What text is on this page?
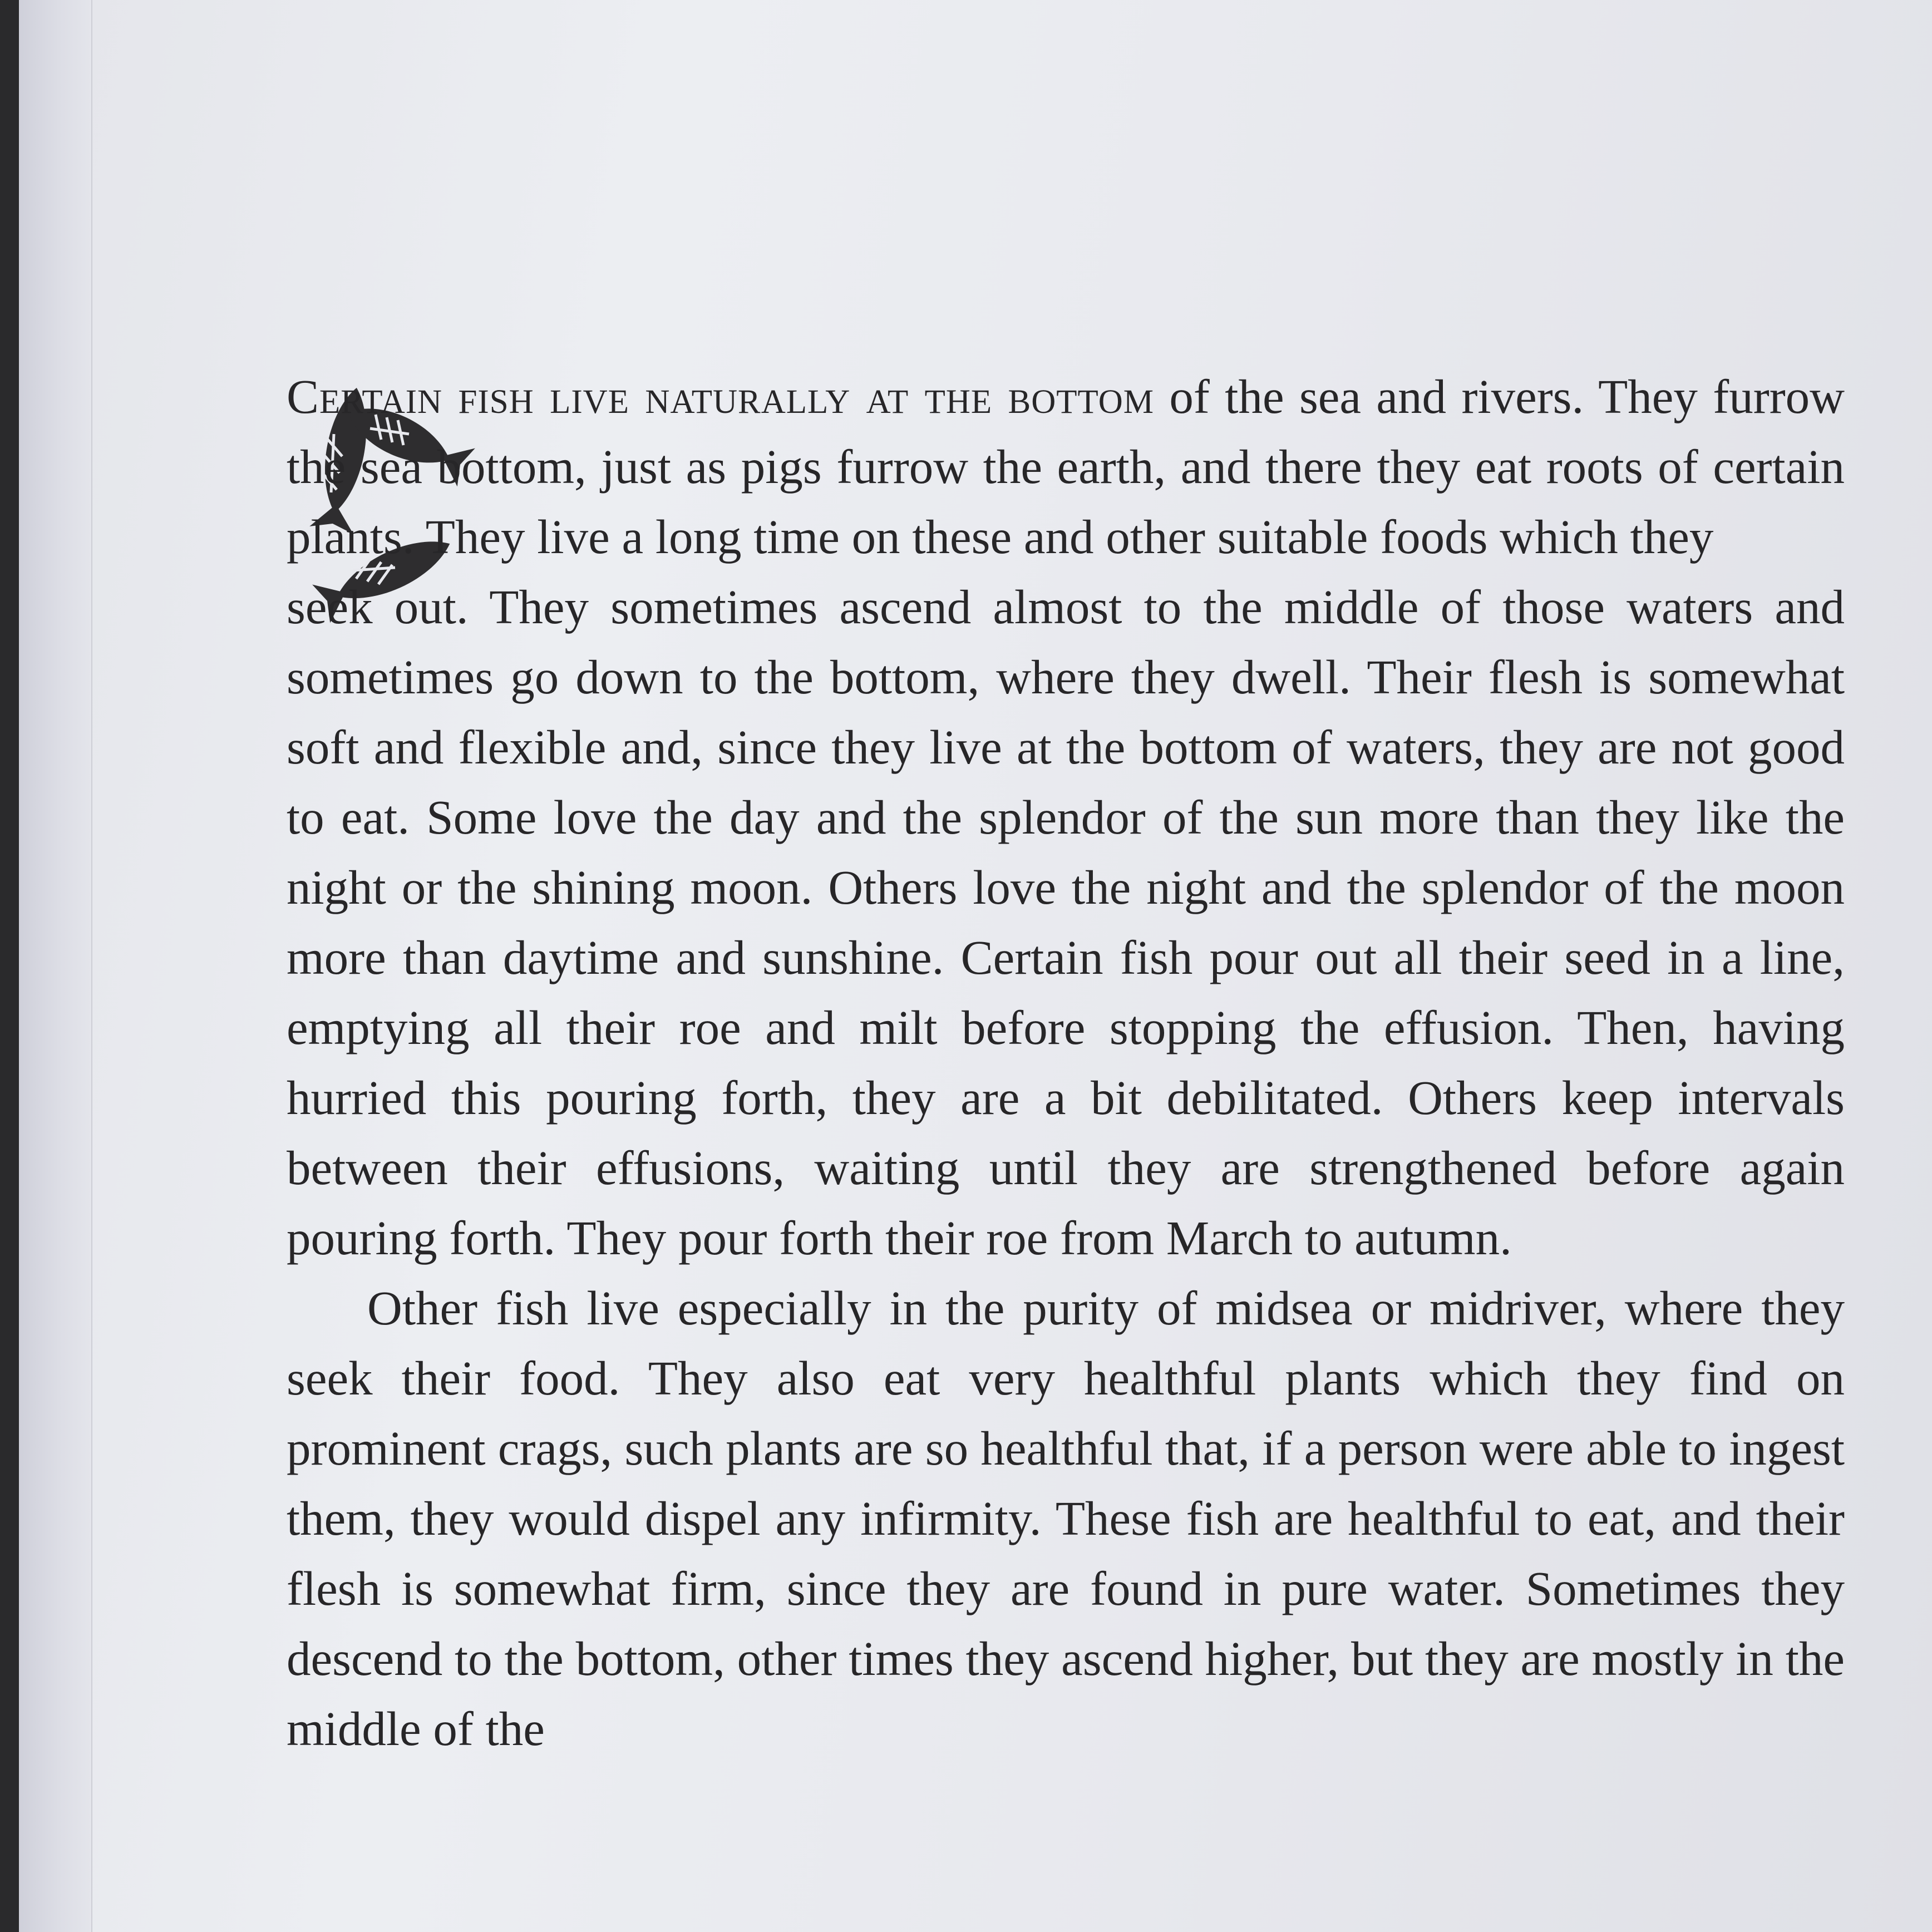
Certain fish live naturally at the bottom of the sea and rivers. They furrow the sea bottom, just as pigs furrow the earth, and there they eat roots of certain plants. They live a long time on these and other suitable foods which they

seek out. They sometimes ascend almost to the middle of those waters and sometimes go down to the bottom, where they dwell. Their flesh is somewhat soft and flexible and, since they live at the bottom of waters, they are not good to eat. Some love the day and the splendor of the sun more than they like the night or the shining moon. Others love the night and the splendor of the moon more than daytime and sunshine. Certain fish pour out all their seed in a line, emptying all their roe and milt before stopping the effusion. Then, having hurried this pouring forth, they are a bit debilitated. Others keep intervals between their effusions, waiting until they are strengthened before again pouring forth. They pour forth their roe from March to autumn.

Other fish live especially in the purity of midsea or midriver, where they seek their food. They also eat very healthful plants which they find on prominent crags, such plants are so healthful that, if a person were able to ingest them, they would dispel any infirmity. These fish are healthful to eat, and their flesh is somewhat firm, since they are found in pure water. Sometimes they descend to the bottom, other times they ascend higher, but they are mostly in the middle of the
